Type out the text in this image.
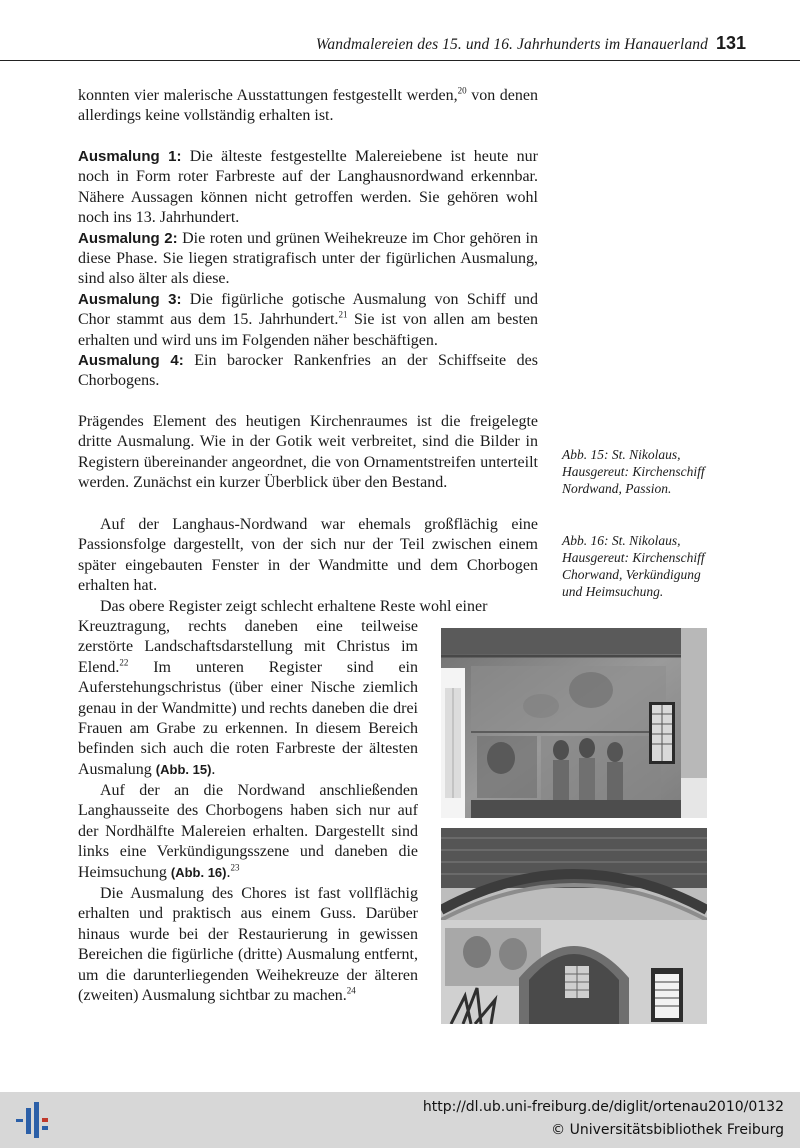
Wandmalereien des 15. und 16. Jahrhunderts im Hanauerland 131

konnten vier malerische Ausstattungen festgestellt werden,$^{20}$ von denen allerdings keine vollständig erhalten ist.

Ausmalung 1: Die älteste festgestellte Malereiebene ist heute nur noch in Form roter Farbreste auf der Langhausnordwand erkennbar. Nähere Aussagen können nicht getroffen werden. Sie gehören wohl noch ins 13. Jahrhundert.

Ausmalung 2: Die roten und grünen Weihekreuze im Chor gehören in diese Phase. Sie liegen stratigrafisch unter der figürlichen Ausmalung, sind also älter als diese.

Ausmalung 3: Die figürliche gotische Ausmalung von Schiff und Chor stammt aus dem 15. Jahrhundert.$^{21}$ Sie ist von allen am besten erhalten und wird uns im Folgenden näher beschäftigen.

Ausmalung 4: Ein barocker Rankenfries an der Schiffseite des Chorbogens.

Prägendes Element des heutigen Kirchenraumes ist die freigelegte dritte Ausmalung. Wie in der Gotik weit verbreitet, sind die Bilder in Registern übereinander angeordnet, die von Ornamentstreifen unterteilt werden. Zunächst ein kurzer Überblick über den Bestand.

Auf der Langhaus-Nordwand war ehemals großflächig eine Passionsfolge dargestellt, von der sich nur der Teil zwischen einem später eingebauten Fenster in der Wandmitte und dem Chorbogen erhalten hat.

Das obere Register zeigt schlecht erhaltene Reste wohl einer

Kreuztragung, rechts daneben eine teilweise zerstörte Landschaftsdarstellung mit Christus im Elend.$^{22}$ Im unteren Register sind ein Auferstehungschristus (über einer Nische ziemlich genau in der Wandmitte) und rechts daneben die drei Frauen am Grabe zu erkennen. In diesem Bereich befinden sich auch die roten Farbreste der ältesten Ausmalung (Abb. 15).

Auf der an die Nordwand anschließenden Langhausseite des Chorbogens haben sich nur auf der Nordhälfte Malereien erhalten. Dargestellt sind links eine Verkündigungsszene und daneben die Heimsuchung (Abb. 16).$^{23}$

Die Ausmalung des Chores ist fast vollflächig erhalten und praktisch aus einem Guss. Darüber hinaus wurde bei der Restaurierung in gewissen Bereichen die figürliche (dritte) Ausmalung entfernt, um die darunterliegenden Weihekreuze der älteren (zweiten) Ausmalung sichtbar zu machen.$^{24}$

Abb. 15: St. Nikolaus, Hausgereut: Kirchenschiff Nordwand, Passion.

Abb. 16: St. Nikolaus, Hausgereut: Kirchenschiff Chorwand, Verkündigung und Heimsuchung.

http://dl.ub.uni-freiburg.de/diglit/ortenau2010/0132
© Universitätsbibliothek Freiburg
